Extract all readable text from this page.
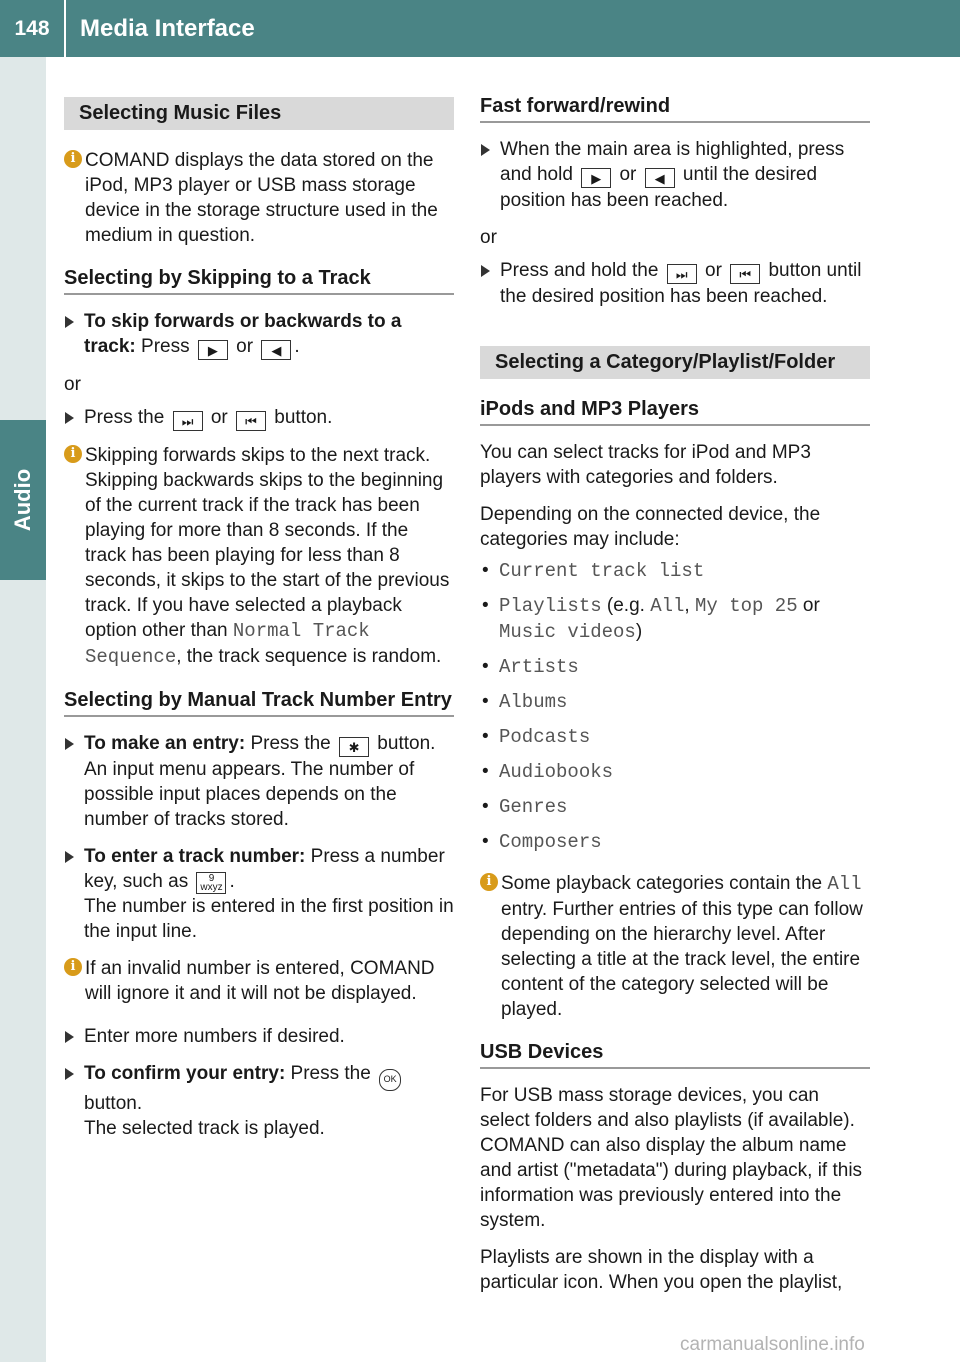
148	Media Interface
Audio
Selecting Music Files
i COMAND displays the data stored on the iPod, MP3 player or USB mass storage device in the storage structure used in the medium in question.
Selecting by Skipping to a Track
To skip forwards or backwards to a track: Press ▶ or ◀ .
or
Press the ⏭ or ⏮ button.
i Skipping forwards skips to the next track. Skipping backwards skips to the beginning of the current track if the track has been playing for more than 8 seconds. If the track has been playing for less than 8 seconds, it skips to the start of the previous track. If you have selected a playback option other than Normal Track Sequence, the track sequence is random.
Selecting by Manual Track Number Entry
To make an entry: Press the ✱ button. An input menu appears. The number of possible input places depends on the number of tracks stored.
To enter a track number: Press a number key, such as 9
wxyz .
The number is entered in the first position in the input line.
i If an invalid number is entered, COMAND will ignore it and it will not be displayed.
Enter more numbers if desired.
To confirm your entry: Press the OK
button.
The selected track is played.
Fast forward/rewind
When the main area is highlighted, press and hold ▶ or ◀ until the desired position has been reached.
or
Press and hold the ⏭ or ⏮ button until the desired position has been reached.
Selecting a Category/Playlist/Folder
iPods and MP3 Players

You can select tracks for iPod and MP3 players with categories and folders.

Depending on the connected device, the categories may include:

• Current track list
• Playlists (e.g. All, My top 25 or Music videos)
• Artists
• Albums
• Podcasts
• Audiobooks
• Genres
• Composers
i Some playback categories contain the All entry. Further entries of this type can follow depending on the hierarchy level. After selecting a title at the track level, the entire content of the category selected will be played.
USB Devices

For USB mass storage devices, you can select folders and also playlists (if available). COMAND can also display the album name and artist ("metadata") during playback, if this information was previously entered into the system.

Playlists are shown in the display with a particular icon. When you open the playlist,

carmanualsonline.info
